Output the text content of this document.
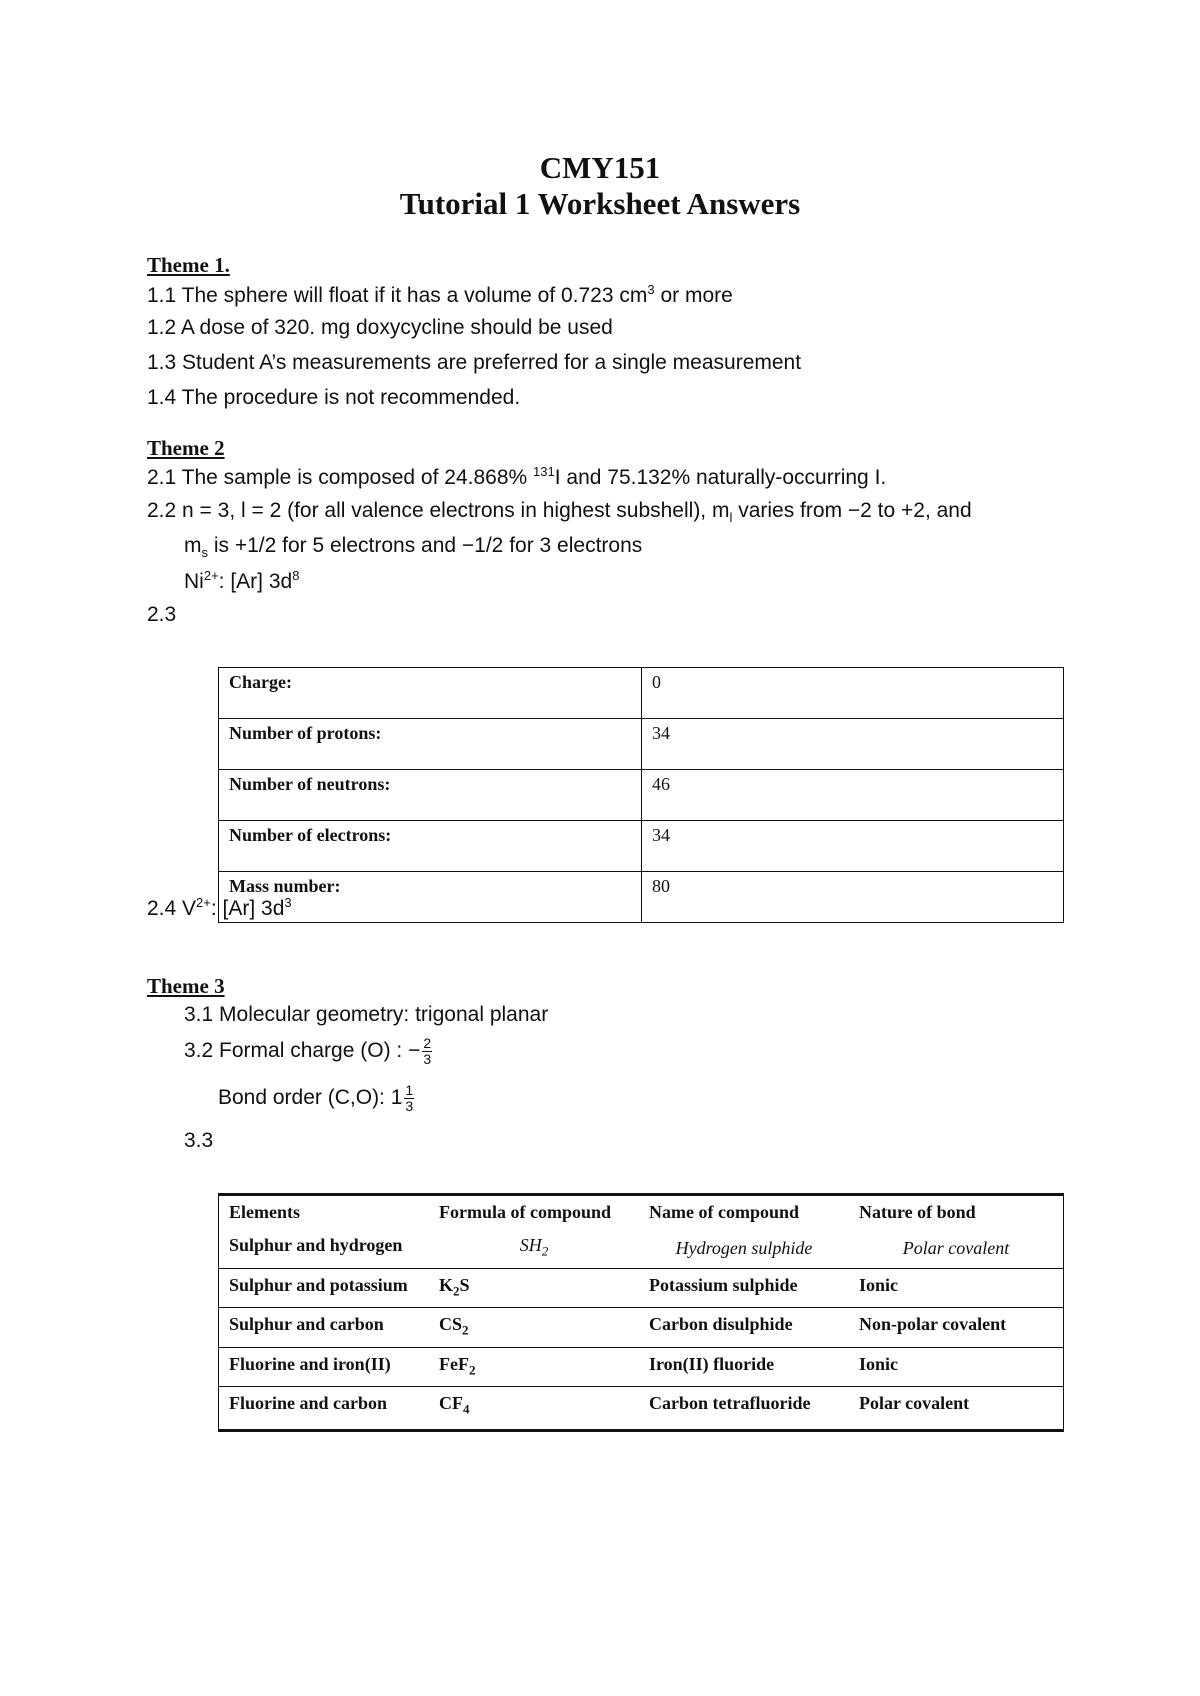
CMY151
Tutorial 1 Worksheet Answers
Theme 1.
1.1 The sphere will float if it has a volume of 0.723 $cm^3$ or more
1.2 A dose of 320. mg doxycycline should be used
1.3 Student A’s measurements are preferred for a single measurement
1.4 The procedure is not recommended.
Theme 2
2.1 The sample is composed of 24.868% $^{131}$I and 75.132% naturally-occurring I.
2.2 n = 3, l = 2 (for all valence electrons in highest subshell), $m_l$ varies from −2 to +2, and
$m_s$ is +1/2 for 5 electrons and −1/2 for 3 electrons
$Ni^{2+}$: [Ar] $3d^8$
2.3
Charge:	0
Number of protons:	34
Number of neutrons:	46
Number of electrons:	34
Mass number:	80
2.4 $V^{2+}$: [Ar] $3d^3$
Theme 3
3.1 Molecular geometry: trigonal planar
3.2 Formal charge (O) : − $\frac{2}{3}$
Bond order (C,O): $1 \frac{1}{3}$
3.3
Elements	Formula of compound	Name of compound	Nature of bond
Sulphur and hydrogen	$SH_2$	Hydrogen sulphide	Polar covalent
Sulphur and potassium	$K_2S$	Potassium sulphide	Ionic
Sulphur and carbon	$CS_2$	Carbon disulphide	Non-polar covalent
Fluorine and iron(II)	FeF$_2$	Iron(II) fluoride	Ionic
Fluorine and carbon	$CF_4$	Carbon tetrafluoride	Polar covalent
